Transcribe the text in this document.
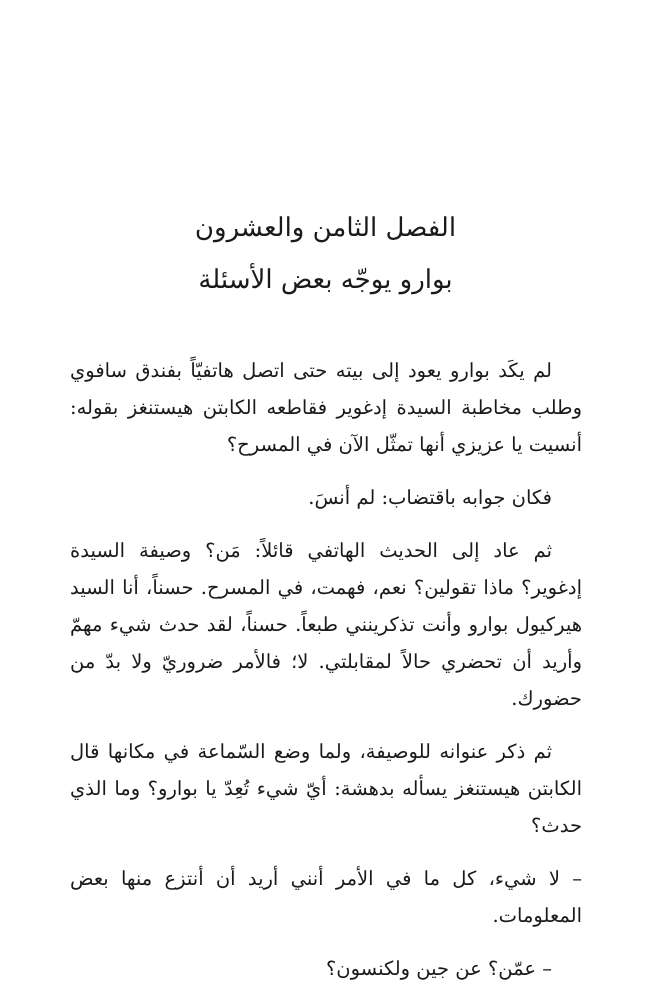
الفصل الثامن والعشرون
بوارو يوجّه بعض الأسئلة

لم يكَد بوارو يعود إلى بيته حتى اتصل هاتفيّاً بفندق سافوي وطلب مخاطبة السيدة إدغوير فقاطعه الكابتن هيستنغز بقوله: أنسيت يا عزيزي أنها تمثّل الآن في المسرح؟

فكان جوابه باقتضاب: لم أنسَ.

ثم عاد إلى الحديث الهاتفي قائلاً: مَن؟ وصيفة السيدة إدغوير؟ ماذا تقولين؟ نعم، فهمت، في المسرح. حسناً، أنا السيد هيركيول بوارو وأنت تذكرينني طبعاً. حسناً، لقد حدث شيء مهمّ وأريد أن تحضري حالاً لمقابلتي. لا؛ فالأمر ضروريّ ولا بدّ من حضورك.

ثم ذكر عنوانه للوصيفة، ولما وضع السّماعة في مكانها قال الكابتن هيستنغز يسأله بدهشة: أيّ شيء تُعِدّ يا بوارو؟ وما الذي حدث؟

– لا شيء، كل ما في الأمر أنني أريد أن أنتزع منها بعض المعلومات.

– عمّن؟ عن جين ولكنسون؟
